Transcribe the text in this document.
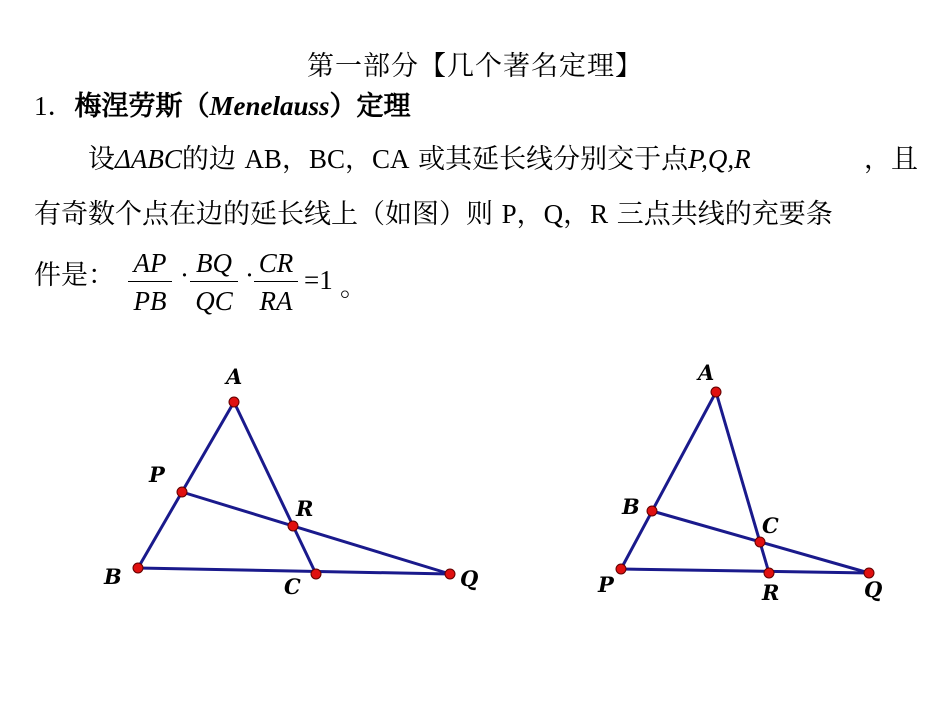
第一部分【几个著名定理】
1．梅涅劳斯（Menelauss）定理
设ΔABC的边 AB，BC，CA 或其延长线分别交于点P,Q,R	，且
有奇数个点在边的延长线上（如图）则 P，Q，R 三点共线的充要条
件是： AP
PB
· BQ
QC
· CR
RA
=1 。
A
P
R
B	C	Q
A
B
C
P	R	Q
